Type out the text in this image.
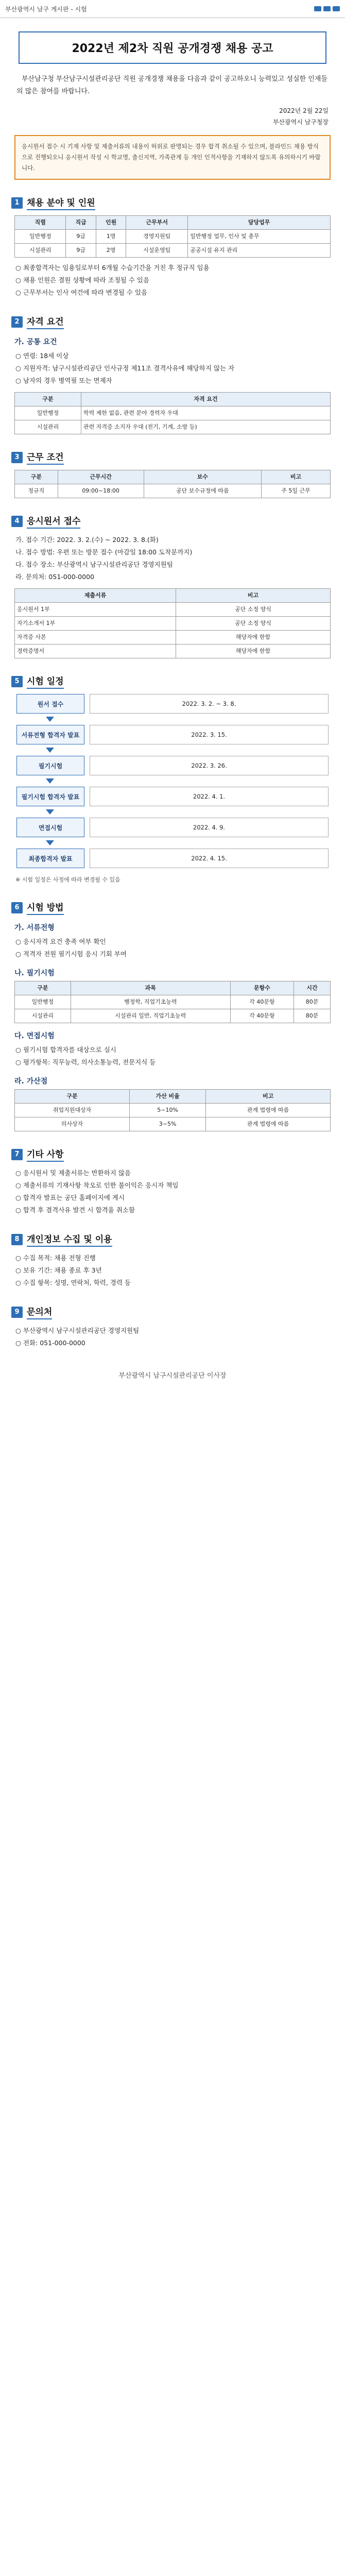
부산광역시 남구 게시판 - 시험
2022년 제2차 직원 공개경쟁 채용 공고
부산남구청 부산남구시설관리공단 직원 공개경쟁 채용을 다음과 같이 공고하오니 능력있고 성실한 인재들의 많은 참여를 바랍니다.
2022년 2월 22일
부산광역시 남구청장
응시원서 접수 시 기재 사항 및 제출서류의 내용이 허위로 판명되는 경우 합격 취소될 수 있으며, 블라인드 채용 방식으로 진행되오니 응시원서 작성 시 학교명, 출신지역, 가족관계 등 개인 인적사항을 기재하지 않도록 유의하시기 바랍니다.
1 채용 분야 및 인원
직렬	직급	인원	근무부서	담당업무
일반행정	9급	1명	경영지원팀	일반행정 업무, 인사 및 총무
시설관리	9급	2명	시설운영팀	공공시설 유지 관리
○ 최종합격자는 임용일로부터 6개월 수습기간을 거친 후 정규직 임용
○ 채용 인원은 결원 상황에 따라 조정될 수 있음
○ 근무부서는 인사 여건에 따라 변경될 수 있음
2 자격 요건
가. 공통 요건
○ 연령: 18세 이상
○ 지원자격: 남구시설관리공단 인사규정 제11조 결격사유에 해당하지 않는 자
○ 남자의 경우 병역필 또는 면제자
구분	자격 요건
일반행정	학력 제한 없음, 관련 분야 경력자 우대
시설관리	관련 자격증 소지자 우대 (전기, 기계, 소방 등)
3 근무 조건
구분	근무시간	보수	비고
정규직	09:00~18:00	공단 보수규정에 따름	주 5일 근무
4 응시원서 접수
가. 접수 기간: 2022. 3. 2.(수) ~ 2022. 3. 8.(화)
나. 접수 방법: 우편 또는 방문 접수 (마감일 18:00 도착분까지)
다. 접수 장소: 부산광역시 남구시설관리공단 경영지원팀
라. 문의처: 051-000-0000
제출서류	비고
응시원서 1부	공단 소정 양식
자기소개서 1부	공단 소정 양식
자격증 사본	해당자에 한함
경력증명서	해당자에 한함
5 시험 일정
원서 접수	2022. 3. 2. ~ 3. 8.
서류전형 합격자 발표	2022. 3. 15.
필기시험	2022. 3. 26.
필기시험 합격자 발표	2022. 4. 1.
면접시험	2022. 4. 9.
최종합격자 발표	2022. 4. 15.
※ 시험 일정은 사정에 따라 변경될 수 있음
6 시험 방법
가. 서류전형
○ 응시자격 요건 충족 여부 확인
○ 적격자 전원 필기시험 응시 기회 부여
나. 필기시험
구분	과목	문항수	시간
일반행정	행정학, 직업기초능력	각 40문항	80분
시설관리	시설관리 일반, 직업기초능력	각 40문항	80분
다. 면접시험
○ 필기시험 합격자를 대상으로 실시
○ 평가항목: 직무능력, 의사소통능력, 전문지식 등
라. 가산점
구분	가산 비율	비고
취업지원대상자	5~10%	관계 법령에 따름
의사상자	3~5%	관계 법령에 따름
7 기타 사항
○ 응시원서 및 제출서류는 반환하지 않음
○ 제출서류의 기재사항 착오로 인한 불이익은 응시자 책임
○ 합격자 발표는 공단 홈페이지에 게시
○ 합격 후 결격사유 발견 시 합격을 취소함
8 개인정보 수집 및 이용
○ 수집 목적: 채용 전형 진행
○ 보유 기간: 채용 종료 후 3년
○ 수집 항목: 성명, 연락처, 학력, 경력 등
9 문의처
○ 부산광역시 남구시설관리공단 경영지원팀
○ 전화: 051-000-0000
부산광역시 남구시설관리공단 이사장
